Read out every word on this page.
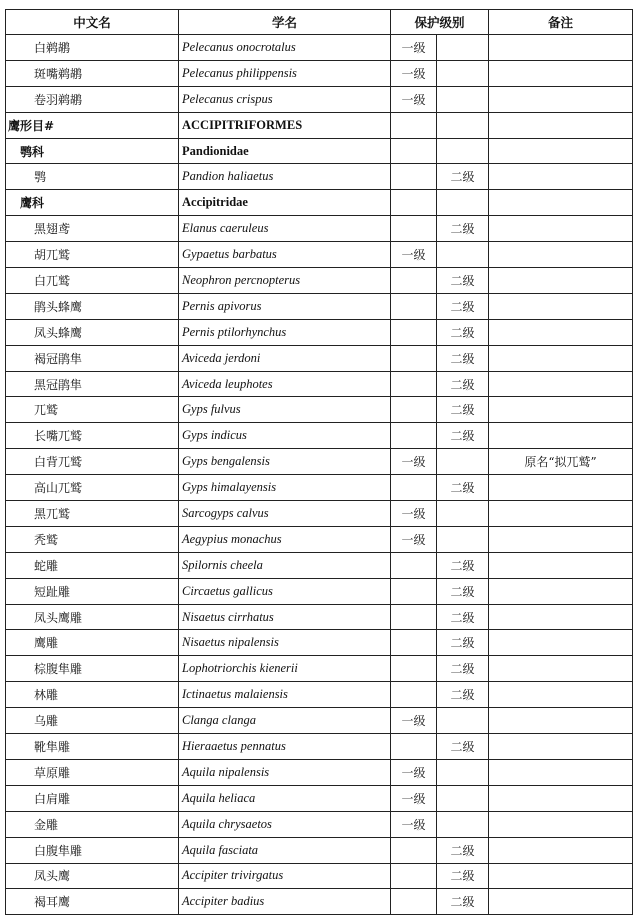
中文名	学名	保护级别		备注
白鹈鹕	Pelecanus onocrotalus	一级		
斑嘴鹈鹕	Pelecanus philippensis	一级		
卷羽鹈鹕	Pelecanus crispus	一级		
鹰形目#	ACCIPITRIFORMES			
鹗科	Pandionidae			
鹗	Pandion haliaetus		二级	
鹰科	Accipitridae			
黑翅鸢	Elanus caeruleus		二级	
胡兀鹫	Gypaetus barbatus	一级		
白兀鹫	Neophron percnopterus		二级	
鹃头蜂鹰	Pernis apivorus		二级	
凤头蜂鹰	Pernis ptilorhynchus		二级	
褐冠鹃隼	Aviceda jerdoni		二级	
黑冠鹃隼	Aviceda leuphotes		二级	
兀鹫	Gyps fulvus		二级	
长嘴兀鹫	Gyps indicus		二级	
白背兀鹫	Gyps bengalensis	一级		原名“拟兀鹫”
高山兀鹫	Gyps himalayensis		二级	
黑兀鹫	Sarcogyps calvus	一级		
秃鹫	Aegypius monachus	一级		
蛇雕	Spilornis cheela		二级	
短趾雕	Circaetus gallicus		二级	
凤头鹰雕	Nisaetus cirrhatus		二级	
鹰雕	Nisaetus nipalensis		二级	
棕腹隼雕	Lophotriorchis kienerii		二级	
林雕	Ictinaetus malaiensis		二级	
乌雕	Clanga clanga	一级		
靴隼雕	Hieraaetus pennatus		二级	
草原雕	Aquila nipalensis	一级		
白肩雕	Aquila heliaca	一级		
金雕	Aquila chrysaetos	一级		
白腹隼雕	Aquila fasciata		二级	
凤头鹰	Accipiter trivirgatus		二级	
褐耳鹰	Accipiter badius		二级	
